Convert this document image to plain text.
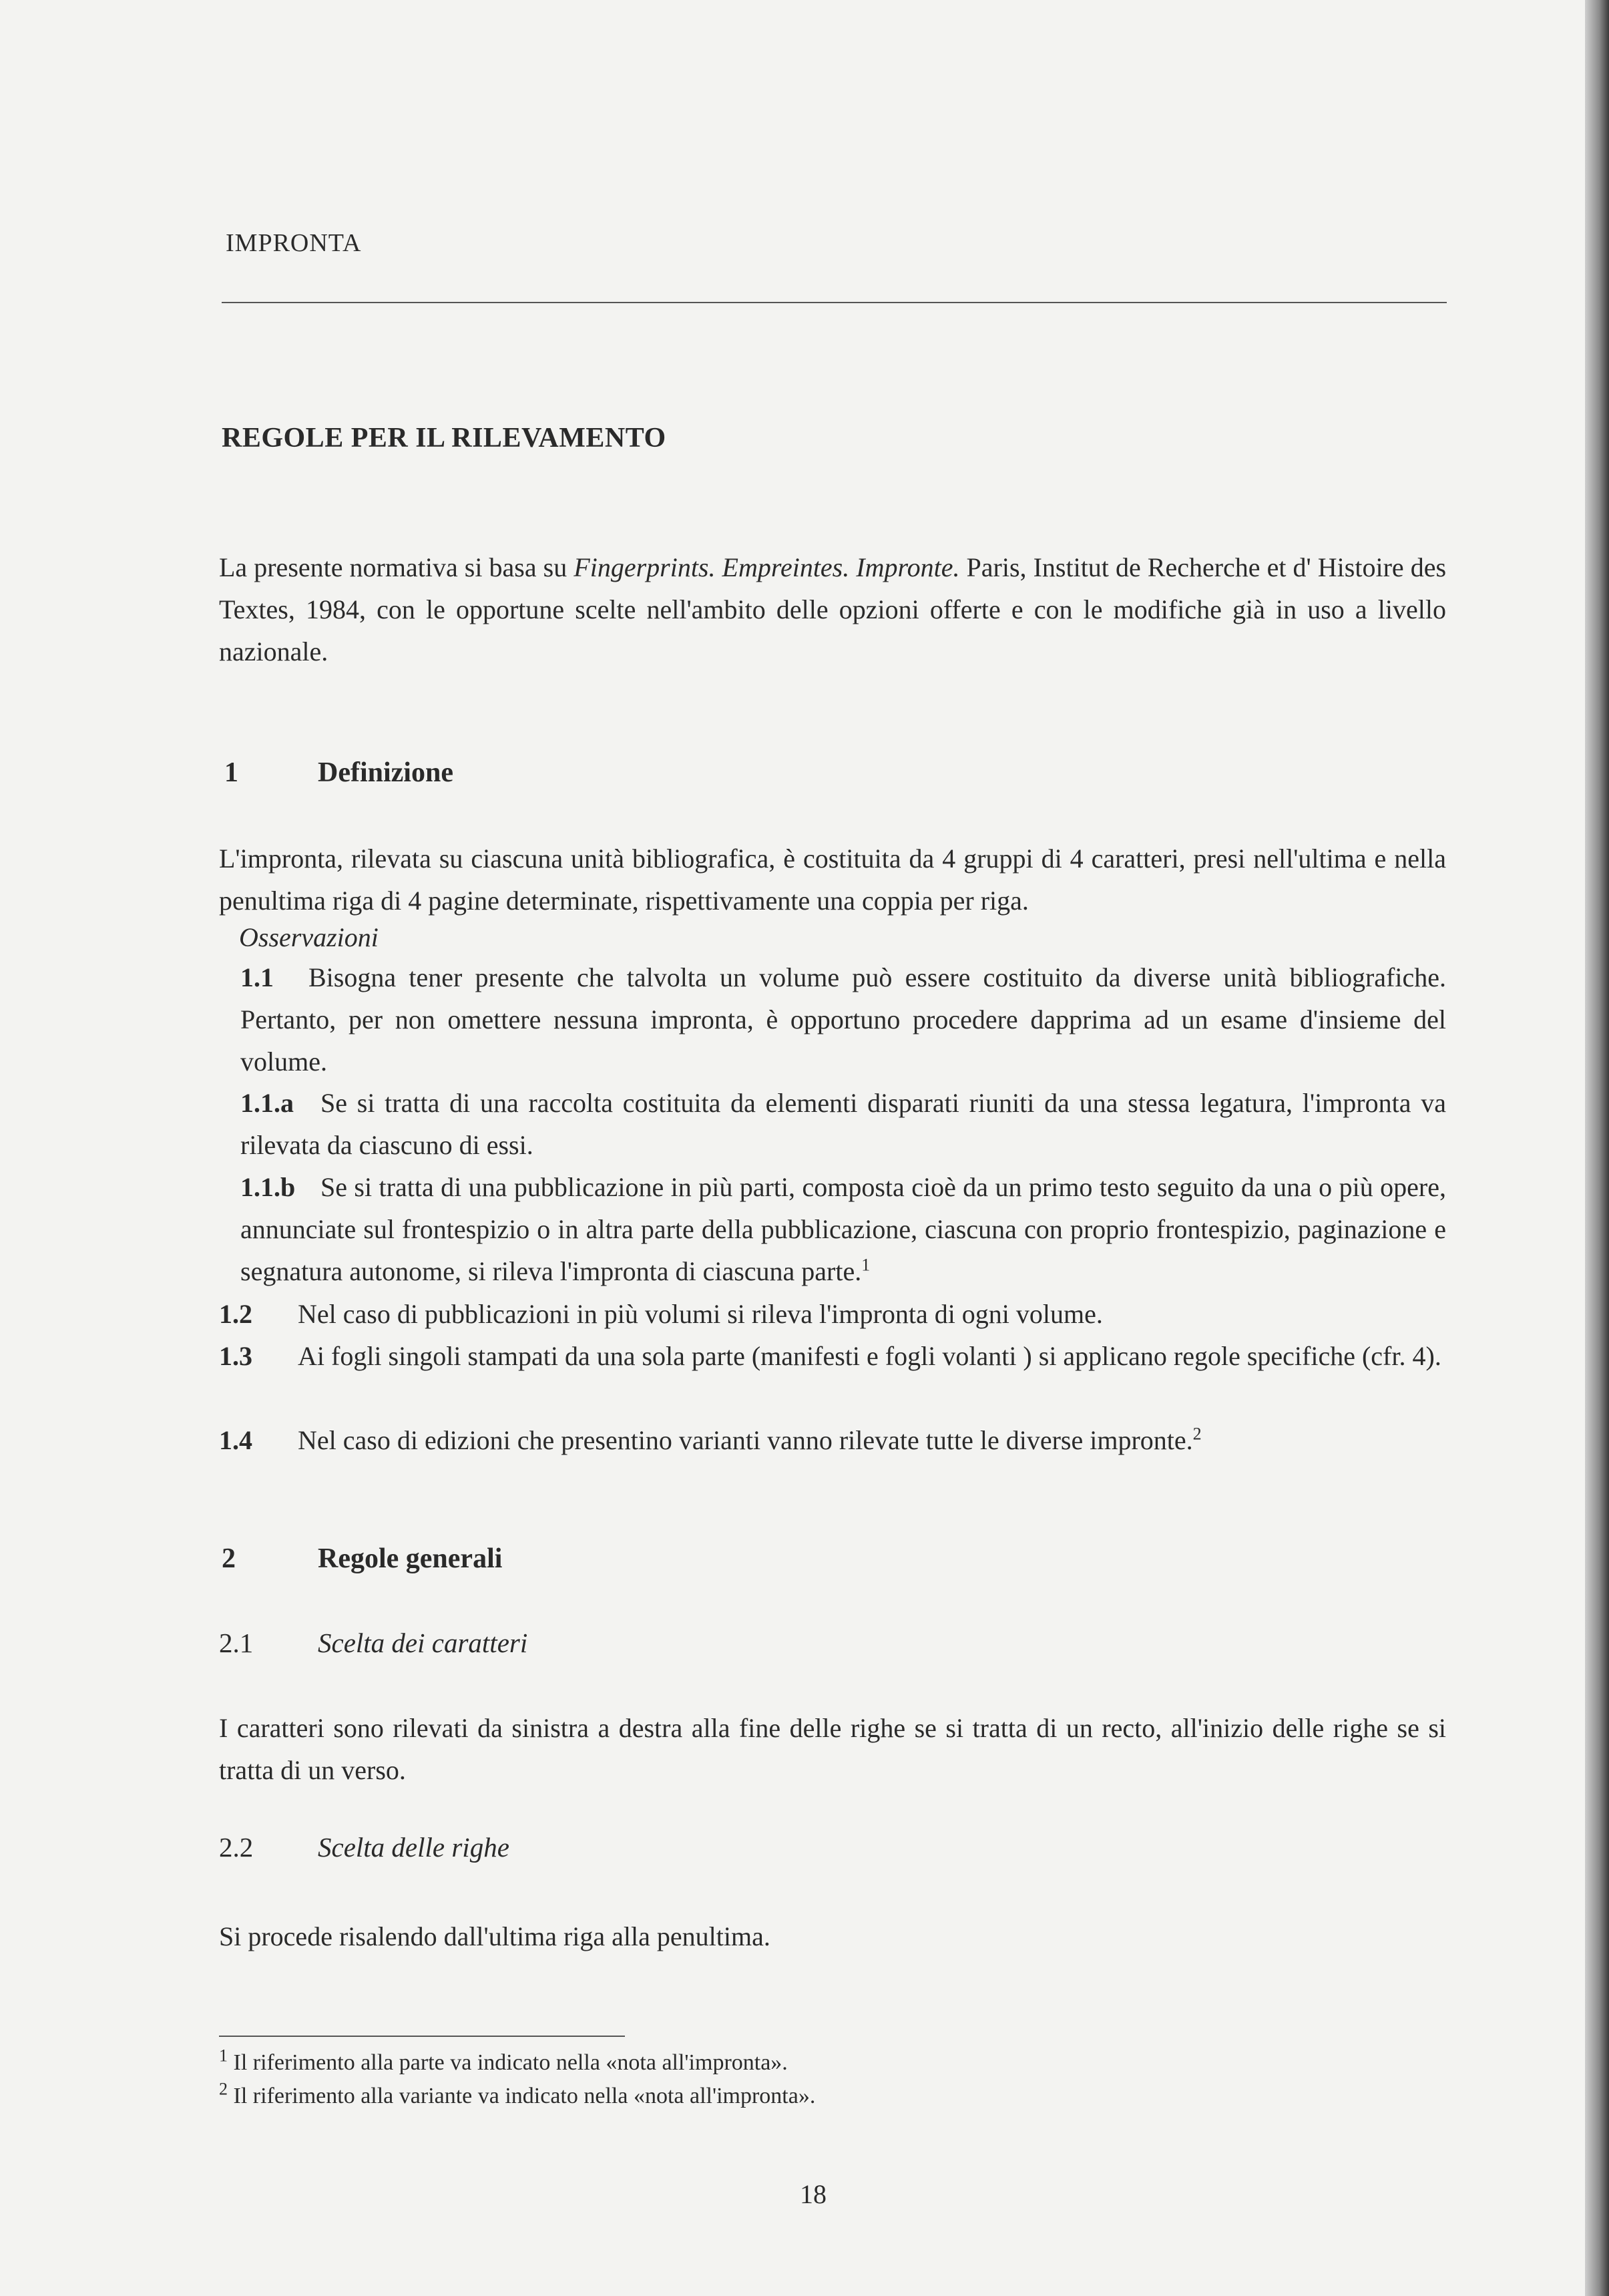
IMPRONTA
REGOLE PER IL RILEVAMENTO
La presente normativa si basa su Fingerprints. Empreintes. Impronte. Paris, Institut de Recherche et d' Histoire des Textes, 1984, con le opportune scelte nell'ambito delle opzioni offerte e con le modifiche già in uso a livello nazionale.
1	Definizione
L'impronta, rilevata su ciascuna unità bibliografica, è costituita da 4 gruppi di 4 caratteri, presi nell'ultima e nella penultima riga di 4 pagine determinate, rispettivamente una coppia per riga.
Osservazioni
1.1 Bisogna tener presente che talvolta un volume può essere costituito da diverse unità bibliografiche. Pertanto, per non omettere nessuna impronta, è opportuno procedere dapprima ad un esame d'insieme del volume.
1.1.a Se si tratta di una raccolta costituita da elementi disparati riuniti da una stessa legatura, l'impronta va rilevata da ciascuno di essi.
1.1.b Se si tratta di una pubblicazione in più parti, composta cioè da un primo testo seguito da una o più opere, annunciate sul frontespizio o in altra parte della pubblicazione, ciascuna con proprio frontespizio, paginazione e segnatura autonome, si rileva l'impronta di ciascuna parte.$^1$
1.2 Nel caso di pubblicazioni in più volumi si rileva l'impronta di ogni volume.
1.3 Ai fogli singoli stampati da una sola parte (manifesti e fogli volanti ) si applicano regole specifiche (cfr. 4).
1.4 Nel caso di edizioni che presentino varianti vanno rilevate tutte le diverse impronte.$^2$
2	Regole generali
2.1 Scelta dei caratteri
I caratteri sono rilevati da sinistra a destra alla fine delle righe se si tratta di un recto, all'inizio delle righe se si tratta di un verso.
2.2 Scelta delle righe
Si procede risalendo dall'ultima riga alla penultima.
$^1$ Il riferimento alla parte va indicato nella «nota all'impronta».
$^2$ Il riferimento alla variante va indicato nella «nota all'impronta».
18
